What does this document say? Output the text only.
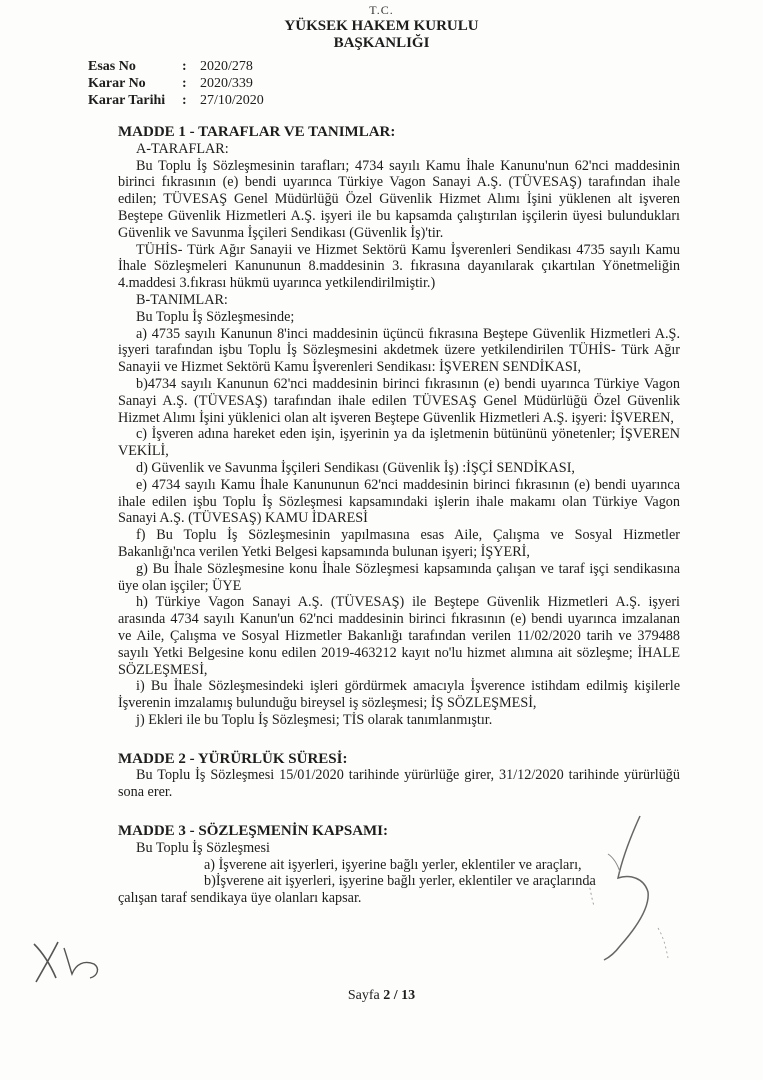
T.C.
YÜKSEK HAKEM KURULU
BAŞKANLIĞI
Esas No	: 2020/278
Karar No	: 2020/339
Karar Tarihi	: 27/10/2020
MADDE 1 - TARAFLAR VE TANIMLAR:
A-TARAFLAR:
Bu Toplu İş Sözleşmesinin tarafları; 4734 sayılı Kamu İhale Kanunu'nun 62'nci maddesinin birinci fıkrasının (e) bendi uyarınca Türkiye Vagon Sanayi A.Ş. (TÜVESAŞ) tarafından ihale edilen; TÜVESAŞ Genel Müdürlüğü Özel Güvenlik Hizmet Alımı İşini yüklenen alt işveren Beştepe Güvenlik Hizmetleri A.Ş. işyeri ile bu kapsamda çalıştırılan işçilerin üyesi bulundukları Güvenlik ve Savunma İşçileri Sendikası (Güvenlik İş)'tir.
TÜHİS- Türk Ağır Sanayii ve Hizmet Sektörü Kamu İşverenleri Sendikası 4735 sayılı Kamu İhale Sözleşmeleri Kanununun 8.maddesinin 3. fıkrasına dayanılarak çıkartılan Yönetmeliğin 4.maddesi 3.fıkrası hükmü uyarınca yetkilendirilmiştir.)
B-TANIMLAR:
Bu Toplu İş Sözleşmesinde;
a) 4735 sayılı Kanunun 8'inci maddesinin üçüncü fıkrasına Beştepe Güvenlik Hizmetleri A.Ş. işyeri tarafından işbu Toplu İş Sözleşmesini akdetmek üzere yetkilendirilen TÜHİS- Türk Ağır Sanayii ve Hizmet Sektörü Kamu İşverenleri Sendikası: İŞVEREN SENDİKASI,
b)4734 sayılı Kanunun 62'nci maddesinin birinci fıkrasının (e) bendi uyarınca Türkiye Vagon Sanayi A.Ş. (TÜVESAŞ) tarafından ihale edilen TÜVESAŞ Genel Müdürlüğü Özel Güvenlik Hizmet Alımı İşini yüklenici olan alt işveren Beştepe Güvenlik Hizmetleri A.Ş. işyeri: İŞVEREN,
c) İşveren adına hareket eden işin, işyerinin ya da işletmenin bütününü yönetenler; İŞVEREN VEKİLİ,
d) Güvenlik ve Savunma İşçileri Sendikası (Güvenlik İş) :İŞÇİ SENDİKASI,
e) 4734 sayılı Kamu İhale Kanununun 62'nci maddesinin birinci fıkrasının (e) bendi uyarınca ihale edilen işbu Toplu İş Sözleşmesi kapsamındaki işlerin ihale makamı olan Türkiye Vagon Sanayi A.Ş. (TÜVESAŞ) KAMU İDARESİ
f) Bu Toplu İş Sözleşmesinin yapılmasına esas Aile, Çalışma ve Sosyal Hizmetler Bakanlığı'nca verilen Yetki Belgesi kapsamında bulunan işyeri; İŞYERİ,
g) Bu İhale Sözleşmesine konu İhale Sözleşmesi kapsamında çalışan ve taraf işçi sendikasına üye olan işçiler; ÜYE
h) Türkiye Vagon Sanayi A.Ş. (TÜVESAŞ) ile Beştepe Güvenlik Hizmetleri A.Ş. işyeri arasında 4734 sayılı Kanun'un 62'nci maddesinin birinci fıkrasının (e) bendi uyarınca imzalanan ve Aile, Çalışma ve Sosyal Hizmetler Bakanlığı tarafından verilen 11/02/2020 tarih ve 379488 sayılı Yetki Belgesine konu edilen 2019-463212 kayıt no'lu hizmet alımına ait sözleşme; İHALE SÖZLEŞMESİ,
i) Bu İhale Sözleşmesindeki işleri gördürmek amacıyla İşverence istihdam edilmiş kişilerle İşverenin imzalamış bulunduğu bireysel iş sözleşmesi; İŞ SÖZLEŞMESİ,
j) Ekleri ile bu Toplu İş Sözleşmesi; TİS olarak tanımlanmıştır.
MADDE 2 - YÜRÜRLÜK SÜRESİ:
Bu Toplu İş Sözleşmesi 15/01/2020 tarihinde yürürlüğe girer, 31/12/2020 tarihinde yürürlüğü sona erer.
MADDE 3 - SÖZLEŞMENİN KAPSAMI:
Bu Toplu İş Sözleşmesi
a) İşverene ait işyerleri, işyerine bağlı yerler, eklentiler ve araçları,
b)İşverene ait işyerleri, işyerine bağlı yerler, eklentiler ve araçlarında
çalışan taraf sendikaya üye olanları kapsar.
Sayfa 2 / 13
